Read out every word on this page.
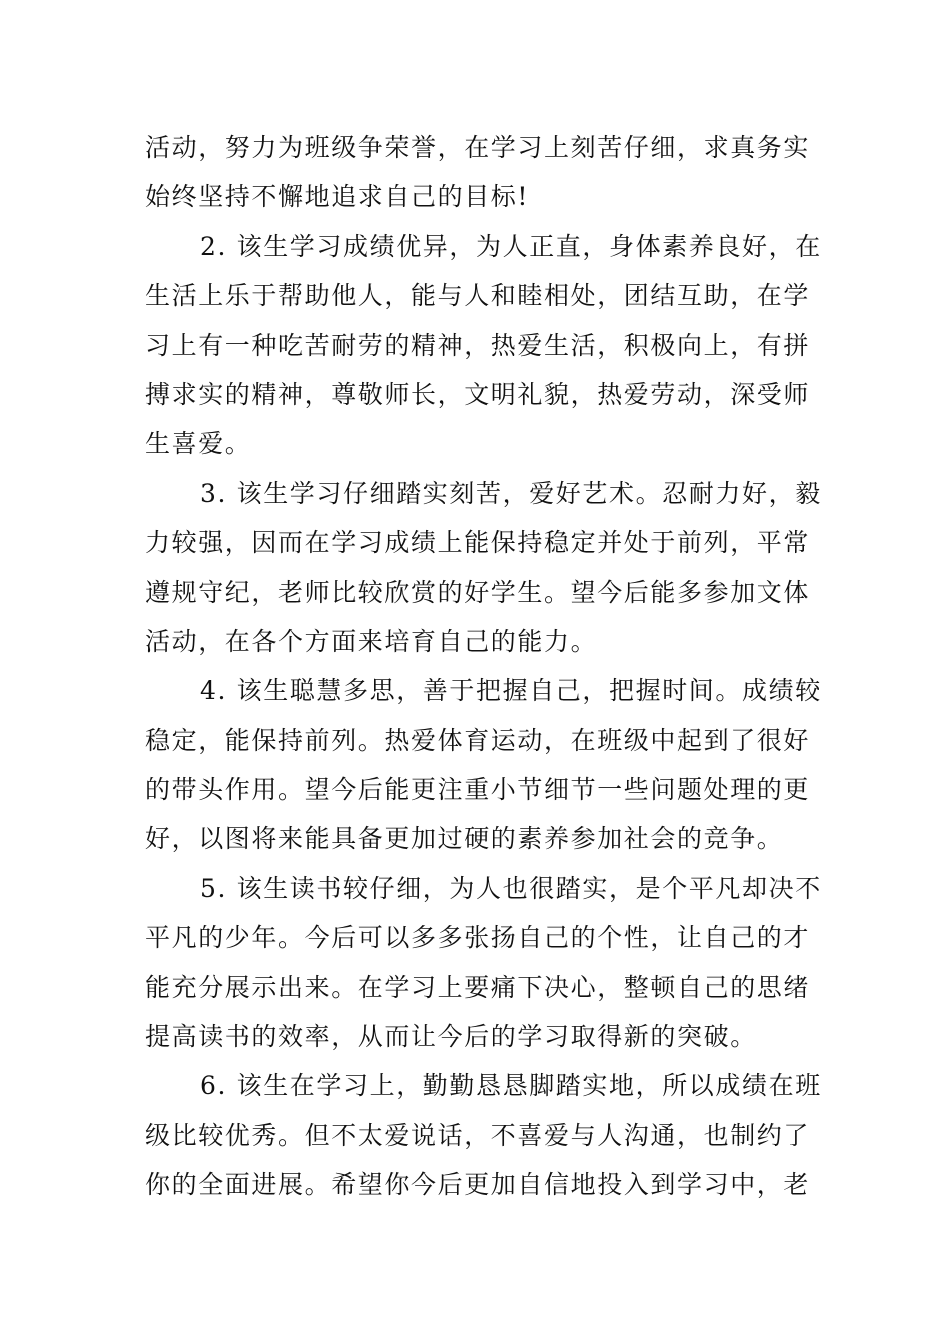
活动，努力为班级争荣誉，在学习上刻苦仔细，求真务实
始终坚持不懈地追求自己的目标!
2. 该生学习成绩优异，为人正直，身体素养良好，在
生活上乐于帮助他人，能与人和睦相处，团结互助，在学
习上有一种吃苦耐劳的精神，热爱生活，积极向上，有拼
搏求实的精神，尊敬师长，文明礼貌，热爱劳动，深受师
生喜爱。
3. 该生学习仔细踏实刻苦，爱好艺术。忍耐力好，毅
力较强，因而在学习成绩上能保持稳定并处于前列，平常
遵规守纪，老师比较欣赏的好学生。望今后能多参加文体
活动，在各个方面来培育自己的能力。
4. 该生聪慧多思，善于把握自己，把握时间。成绩较
稳定，能保持前列。热爱体育运动，在班级中起到了很好
的带头作用。望今后能更注重小节细节一些问题处理的更
好，以图将来能具备更加过硬的素养参加社会的竞争。
5. 该生读书较仔细，为人也很踏实，是个平凡却决不
平凡的少年。今后可以多多张扬自己的个性，让自己的才
能充分展示出来。在学习上要痛下决心，整顿自己的思绪
提高读书的效率，从而让今后的学习取得新的突破。
6. 该生在学习上，勤勤恳恳脚踏实地，所以成绩在班
级比较优秀。但不太爱说话，不喜爱与人沟通，也制约了
你的全面进展。希望你今后更加自信地投入到学习中，老
